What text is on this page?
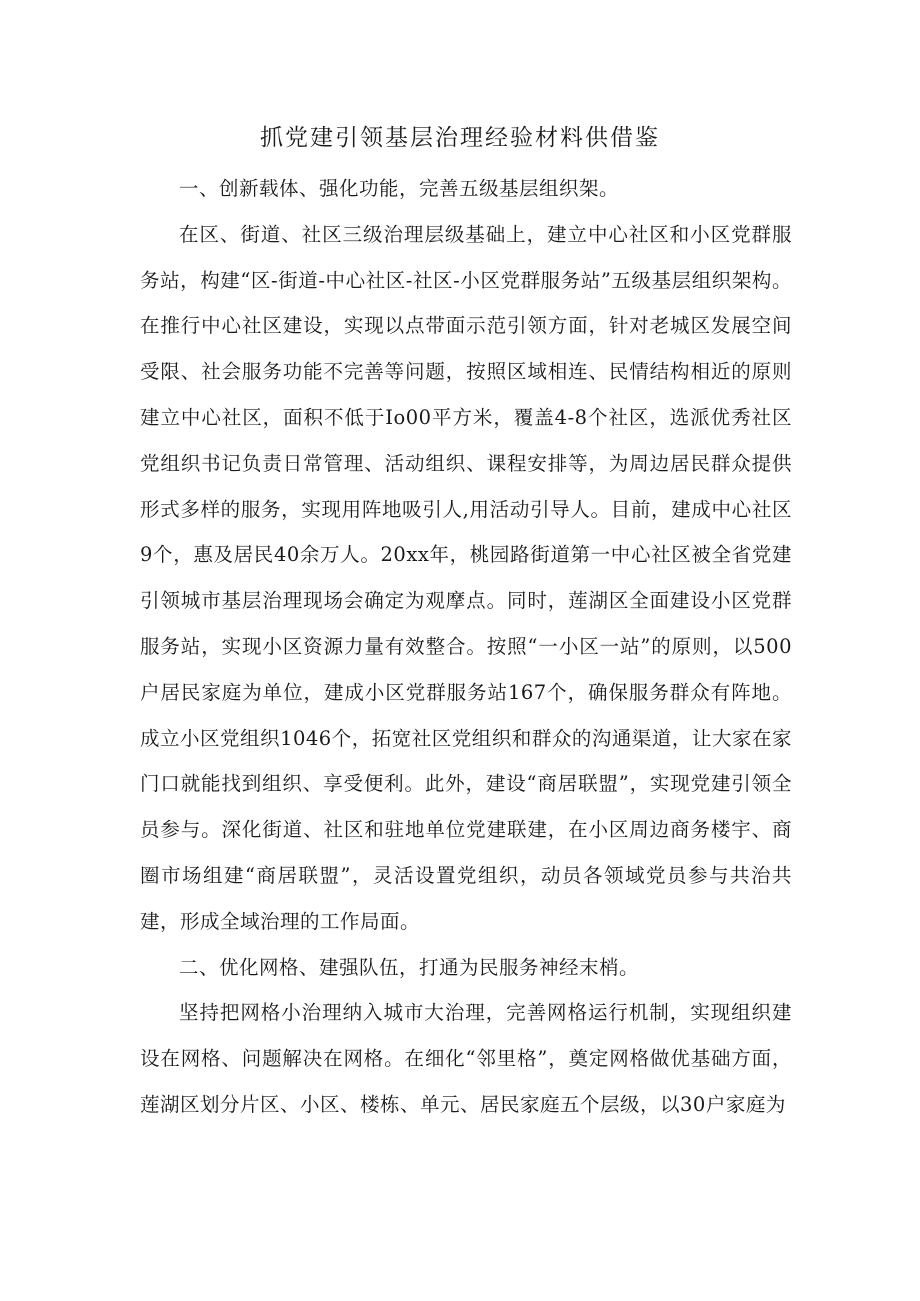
抓党建引领基层治理经验材料供借鉴

一、创新载体、强化功能，完善五级基层组织架。

在区、街道、社区三级治理层级基础上，建立中心社区和小区党群服务站，构建“区-街道-中心社区-社区-小区党群服务站”五级基层组织架构。在推行中心社区建设，实现以点带面示范引领方面，针对老城区发展空间受限、社会服务功能不完善等问题，按照区域相连、民情结构相近的原则建立中心社区，面积不低于Io00平方米，覆盖4-8个社区，选派优秀社区党组织书记负责日常管理、活动组织、课程安排等，为周边居民群众提供形式多样的服务，实现用阵地吸引人,用活动引导人。目前，建成中心社区9个，惠及居民40余万人。20xx年，桃园路街道第一中心社区被全省党建引领城市基层治理现场会确定为观摩点。同时，莲湖区全面建设小区党群服务站，实现小区资源力量有效整合。按照“一小区一站”的原则，以500户居民家庭为单位，建成小区党群服务站167个，确保服务群众有阵地。成立小区党组织1046个，拓宽社区党组织和群众的沟通渠道，让大家在家门口就能找到组织、享受便利。此外，建设“商居联盟”，实现党建引领全员参与。深化街道、社区和驻地单位党建联建，在小区周边商务楼宇、商圈市场组建“商居联盟”，灵活设置党组织，动员各领域党员参与共治共建，形成全域治理的工作局面。

二、优化网格、建强队伍，打通为民服务神经末梢。

坚持把网格小治理纳入城市大治理，完善网格运行机制，实现组织建设在网格、问题解决在网格。在细化“邻里格”，奠定网格做优基础方面，莲湖区划分片区、小区、楼栋、单元、居民家庭五个层级，以30户家庭为
